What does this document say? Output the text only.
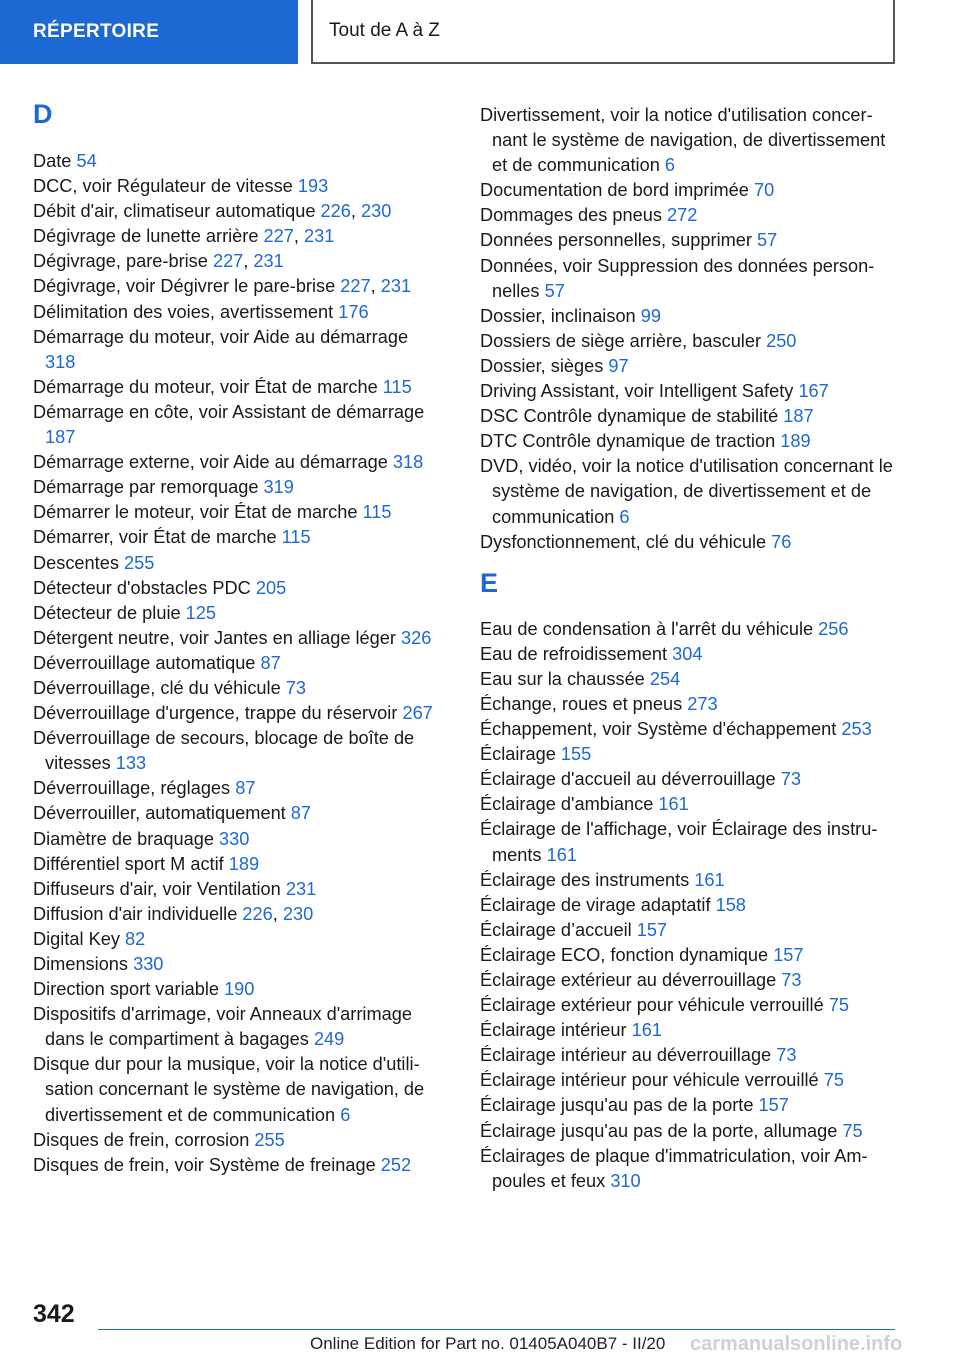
RÉPERTOIRE	Tout de A à Z
D
Date 54
DCC, voir Régulateur de vitesse 193
Débit d'air, climatiseur automatique 226, 230
Dégivrage de lunette arrière 227, 231
Dégivrage, pare-brise 227, 231
Dégivrage, voir Dégivrer le pare-brise 227, 231
Délimitation des voies, avertissement 176
Démarrage du moteur, voir Aide au démarrage 318
Démarrage du moteur, voir État de marche 115
Démarrage en côte, voir Assistant de démarrage 187
Démarrage externe, voir Aide au démarrage 318
Démarrage par remorquage 319
Démarrer le moteur, voir État de marche 115
Démarrer, voir État de marche 115
Descentes 255
Détecteur d'obstacles PDC 205
Détecteur de pluie 125
Détergent neutre, voir Jantes en alliage léger 326
Déverrouillage automatique 87
Déverrouillage, clé du véhicule 73
Déverrouillage d'urgence, trappe du réservoir 267
Déverrouillage de secours, blocage de boîte de vitesses 133
Déverrouillage, réglages 87
Déverrouiller, automatiquement 87
Diamètre de braquage 330
Différentiel sport M actif 189
Diffuseurs d'air, voir Ventilation 231
Diffusion d'air individuelle 226, 230
Digital Key 82
Dimensions 330
Direction sport variable 190
Dispositifs d'arrimage, voir Anneaux d'arrimage dans le compartiment à bagages 249
Disque dur pour la musique, voir la notice d'utilisation concernant le système de navigation, de divertissement et de communication 6
Disques de frein, corrosion 255
Disques de frein, voir Système de freinage 252
Divertissement, voir la notice d'utilisation concernant le système de navigation, de divertissement et de communication 6
Documentation de bord imprimée 70
Dommages des pneus 272
Données personnelles, supprimer 57
Données, voir Suppression des données personnelles 57
Dossier, inclinaison 99
Dossiers de siège arrière, basculer 250
Dossier, sièges 97
Driving Assistant, voir Intelligent Safety 167
DSC Contrôle dynamique de stabilité 187
DTC Contrôle dynamique de traction 189
DVD, vidéo, voir la notice d'utilisation concernant le système de navigation, de divertissement et de communication 6
Dysfonctionnement, clé du véhicule 76
E
Eau de condensation à l'arrêt du véhicule 256
Eau de refroidissement 304
Eau sur la chaussée 254
Échange, roues et pneus 273
Échappement, voir Système d'échappement 253
Éclairage 155
Éclairage d'accueil au déverrouillage 73
Éclairage d'ambiance 161
Éclairage de l'affichage, voir Éclairage des instruments 161
Éclairage des instruments 161
Éclairage de virage adaptatif 158
Éclairage d’accueil 157
Éclairage ECO, fonction dynamique 157
Éclairage extérieur au déverrouillage 73
Éclairage extérieur pour véhicule verrouillé 75
Éclairage intérieur 161
Éclairage intérieur au déverrouillage 73
Éclairage intérieur pour véhicule verrouillé 75
Éclairage jusqu'au pas de la porte 157
Éclairage jusqu'au pas de la porte, allumage 75
Éclairages de plaque d'immatriculation, voir Ampoules et feux 310
342
Online Edition for Part no. 01405A040B7 - II/20 carmanualsonline.info
